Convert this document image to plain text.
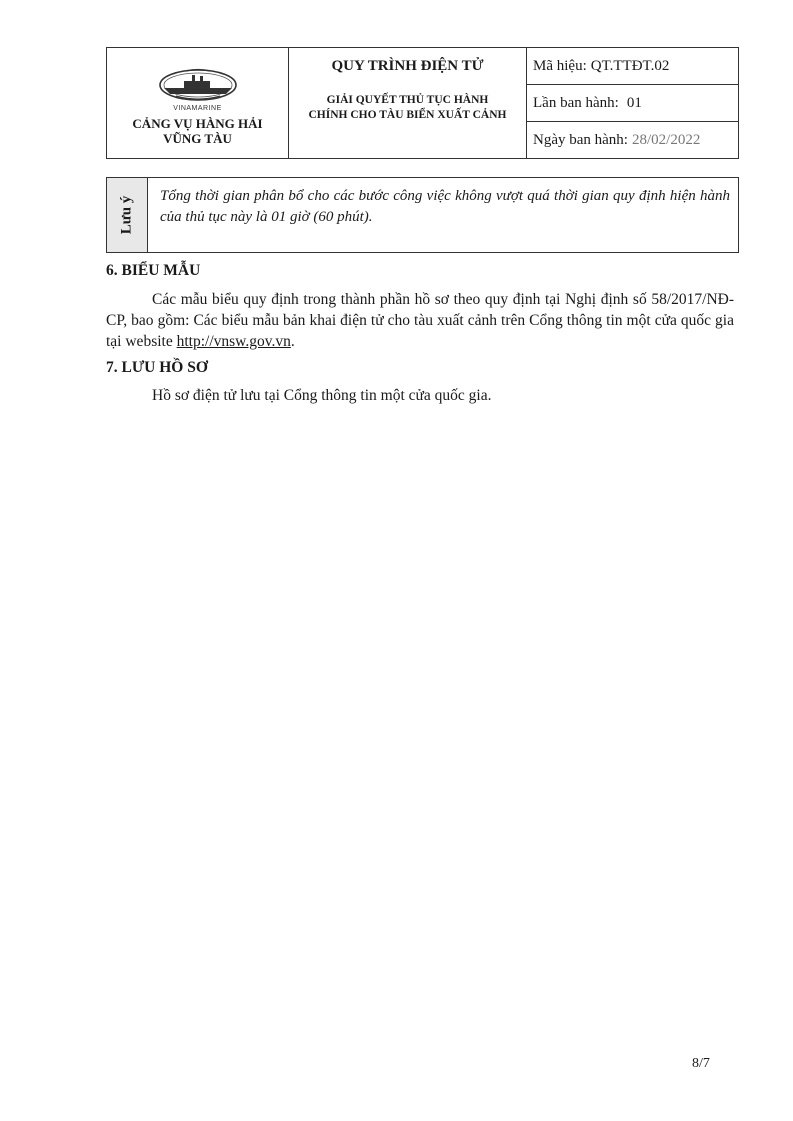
VINAMARINE
CẢNG VỤ HÀNG HẢI
VŨNG TÀU

QUY TRÌNH ĐIỆN TỬ
GIẢI QUYẾT THỦ TỤC HÀNH
CHÍNH CHO TÀU BIỂN XUẤT CẢNH
	Mã hiệu: QT.TTĐT.02
Lần ban hành: 01
Ngày ban hành: 28/02/2022
Lưu ý	Tổng thời gian phân bổ cho các bước công việc không vượt quá thời gian quy định hiện hành của thủ tục này là 01 giờ (60 phút).
6. BIỂU MẪU

Các mẫu biểu quy định trong thành phần hồ sơ theo quy định tại Nghị định số 58/2017/NĐ-CP, bao gồm: Các biểu mẫu bản khai điện tử cho tàu xuất cảnh trên Cổng thông tin một cửa quốc gia tại website http://vnsw.gov.vn.

7. LƯU HỒ SƠ

Hồ sơ điện tử lưu tại Cổng thông tin một cửa quốc gia.

8/7
